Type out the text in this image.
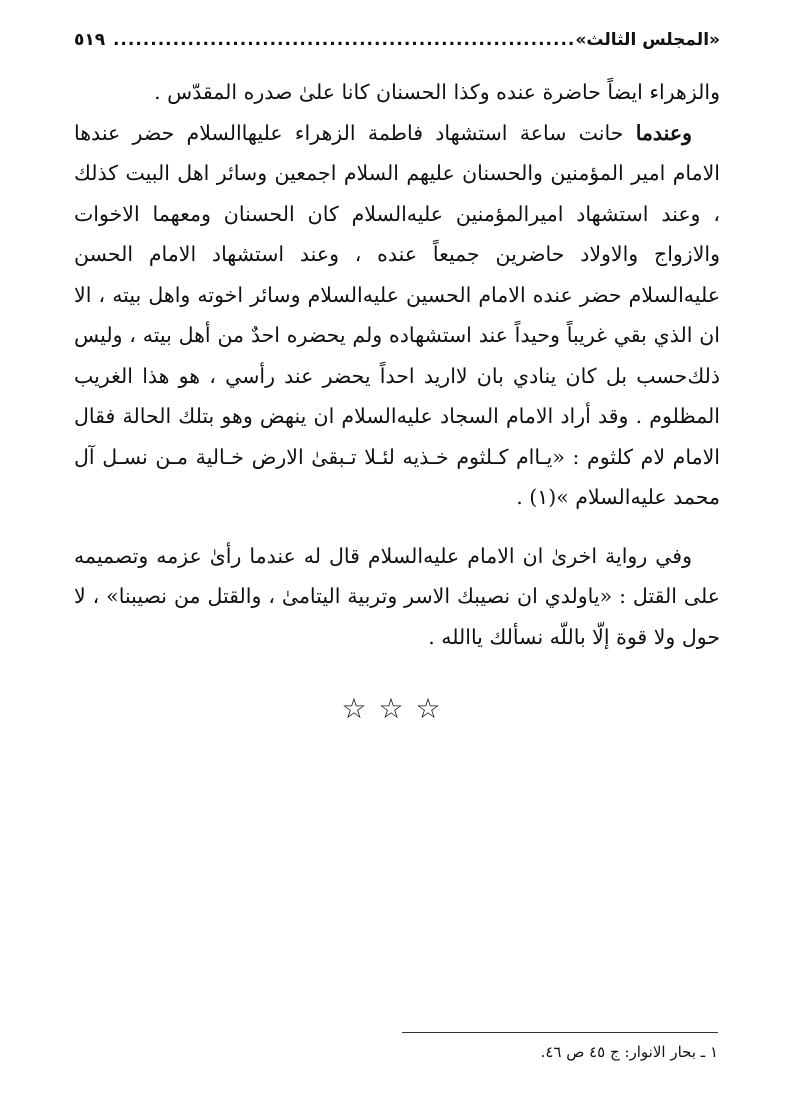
«المجلس الثالث»
٥١٩ ..............................................................

والزهراء ايضاً حاضرة عنده وكذا الحسنان كانا علىٰ صدره المقدّس .

وعندما حانت ساعة استشهاد فاطمة الزهراء عليها‌السلام حضر عندها الامام امير المؤمنين والحسنان عليهم السلام اجمعين وسائر اهل البيت كذلك ، وعند استشهاد اميرالمؤمنين عليه‌السلام كان الحسنان ومعهما الاخوات والازواج والاولاد حاضرين جميعاً عنده ، وعند استشهاد الامام الحسن عليه‌السلام حضر عنده الامام الحسين عليه‌السلام وسائر اخوته واهل بيته ، الا ان الذي بقي غريباً وحيداً عند استشهاده ولم يحضره احدٌ من أهل بيته ، وليس ذلك‌حسب بل كان ينادي بان لااريد احداً يحضر عند رأسي ، هو هذا الغريب المظلوم . وقد أراد الامام السجاد عليه‌السلام ان ينهض وهو بتلك الحالة فقال الامام لام كلثوم : «يـاام كـلثوم خـذيه لئـلا تـبقىٰ الارض خـالية مـن نسـل آل محمد عليه‌السلام »(١) .

وفي رواية اخرىٰ ان الامام عليه‌السلام قال له عندما رأىٰ عزمه وتصميمه على القتل : «ياولدي ان نصيبك الاسر وتربية اليتامىٰ ، والقتل من نصيبنا» ، لا حول ولا قوة إلّا باللّه نسألك ياالله .

☆☆☆
١ ـ بحار الانوار: ج ٤٥ ص ٤٦.
